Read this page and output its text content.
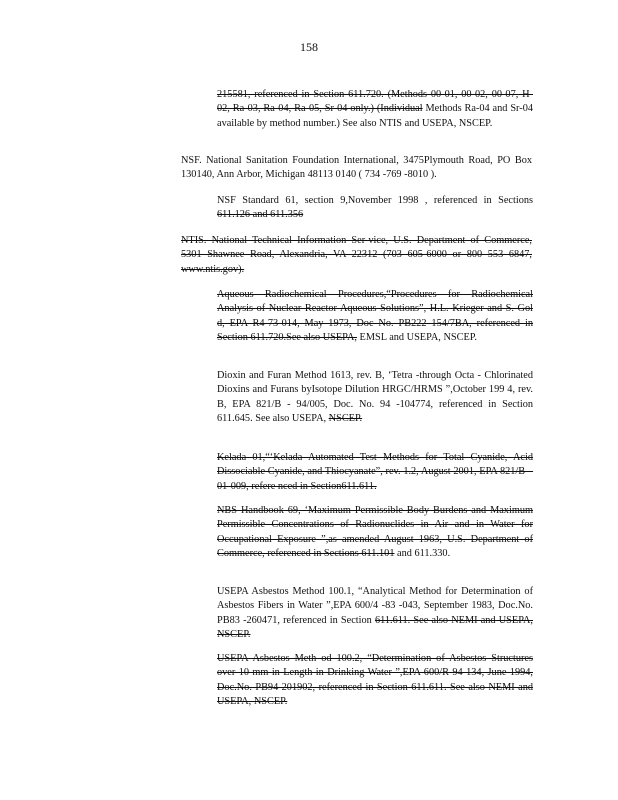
158

215581, referenced in Section 611.720. (Methods 00-01, 00-02, 00-07, H-02, Ra-03, Ra-04, Ra-05, Sr-04 only.) (Individual Methods Ra-04 and Sr-04 available by method number.) See also NTIS and USEPA, NSCEP.

NSF. National Sanitation Foundation International, 3475Plymouth Road, PO Box 130140, Ann Arbor, Michigan 48113 0140 ( 734 -769 -8010 ).

NSF Standard 61, section 9,November 1998 , referenced in Sections 611.126 and 611.356

NTIS. National Technical Information Ser-vice, U.S. Department of Commerce, 5301 Shawnee Road, Alexandria, VA 22312 (703 605-6000 or 800 553 6847, www.ntis.gov).

Aqueous Radiochemical Procedures,“Procedures for Radiochemical Analysis of Nuclear Reactor Aqueous Solutions”, H.L. Krieger and S. Gol d, EPA R4-73-014, May 1973, Doc No. PB222 154/7BA, referenced in Section 611.720.See also USEPA, EMSL and USEPA, NSCEP.

Dioxin and Furan Method 1613, rev. B, ‘Tetra -through Octa - Chlorinated Dioxins and Furans byIsotope Dilution HRGC/HRMS ”,October 199 4, rev. B, EPA 821/B - 94/005, Doc. No. 94 -104774, referenced in Section 611.645. See also USEPA, NSCEP.

Kelada 01,“‘Kelada Automated Test Methods for Total Cyanide, Acid Dissociable Cyanide, and Thiocyanate”, rev. 1.2, August 2001, EPA 821/B –01-009, refere nced in Section611.611.

NBS Handbook 69, ‘Maximum Permissible Body Burdens and Maximum Permissible Concentrations of Radionuclides in Air and in Water for Occupational Exposure ”,as amended August 1963, U.S. Department of Commerce, referenced in Sections 611.101 and 611.330.

USEPA Asbestos Method 100.1, “Analytical Method for Determination of Asbestos Fibers in Water ”,EPA 600/4 -83 -043, September 1983, Doc.No. PB83 -260471, referenced in Section 611.611. See also NEMI and USEPA, NSCEP.

USEPA Asbestos Meth od 100.2, “Determination of Asbestos Structures over 10 mm in Length in Drinking Water ”,EPA 600/R-94-134, June 1994, Doc.No. PB94-201902, referenced in Section 611.611. See also NEMI and USEPA, NSCEP.
